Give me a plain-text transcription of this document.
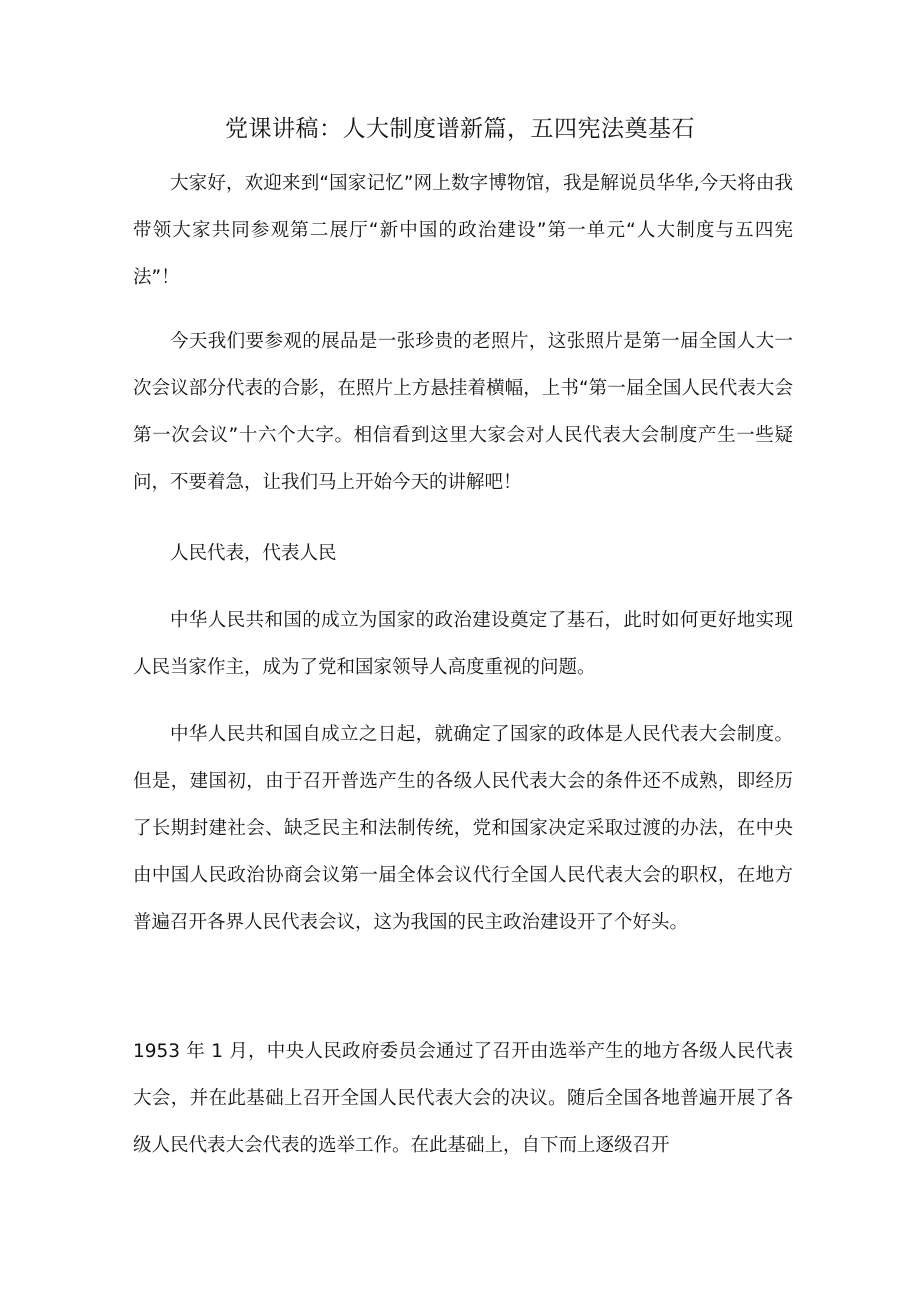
党课讲稿：人大制度谱新篇，五四宪法奠基石

大家好，欢迎来到“国家记忆”网上数字博物馆，我是解说员华华,今天将由我带领大家共同参观第二展厅“新中国的政治建设”第一单元“人大制度与五四宪法”！

今天我们要参观的展品是一张珍贵的老照片，这张照片是第一届全国人大一次会议部分代表的合影，在照片上方悬挂着横幅，上书“第一届全国人民代表大会第一次会议”十六个大字。相信看到这里大家会对人民代表大会制度产生一些疑问，不要着急，让我们马上开始今天的讲解吧！

人民代表，代表人民

中华人民共和国的成立为国家的政治建设奠定了基石，此时如何更好地实现人民当家作主，成为了党和国家领导人高度重视的问题。

中华人民共和国自成立之日起，就确定了国家的政体是人民代表大会制度。但是，建国初，由于召开普选产生的各级人民代表大会的条件还不成熟，即经历了长期封建社会、缺乏民主和法制传统，党和国家决定采取过渡的办法，在中央由中国人民政治协商会议第一届全体会议代行全国人民代表大会的职权，在地方普遍召开各界人民代表会议，这为我国的民主政治建设开了个好头。

1953 年 1 月，中央人民政府委员会通过了召开由选举产生的地方各级人民代表大会，并在此基础上召开全国人民代表大会的决议。随后全国各地普遍开展了各级人民代表大会代表的选举工作。在此基础上，自下而上逐级召开
